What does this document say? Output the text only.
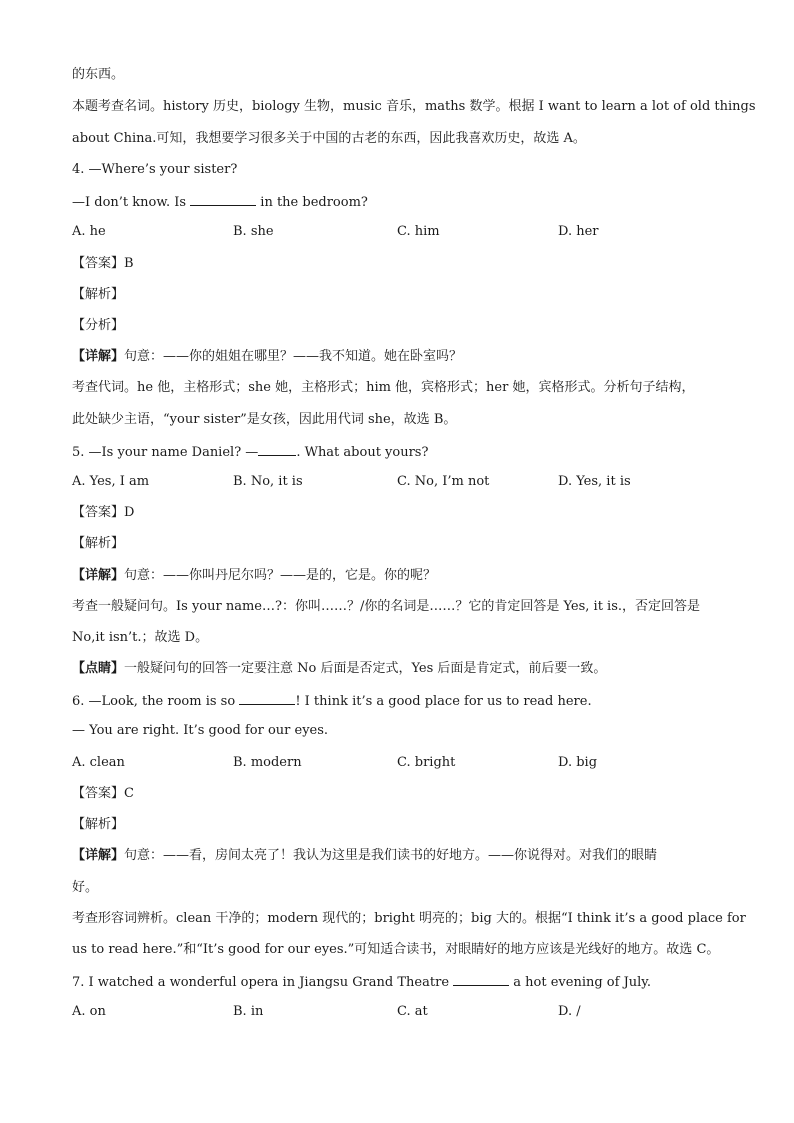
的东西。

本题考查名词。history 历史，biology 生物，music 音乐，maths 数学。根据 I want to learn a lot of old things

about China.可知，我想要学习很多关于中国的古老的东西，因此我喜欢历史，故选 A。

4. —Where’s your sister?

—I don’t know. Is	in the bedroom?

A. he	B. she	C. him	D. her

【答案】B

【解析】

【分析】

【详解】句意：——你的姐姐在哪里？——我不知道。她在卧室吗？

考查代词。he 他，主格形式；she 她，主格形式；him 他，宾格形式；her 她，宾格形式。分析句子结构，

此处缺少主语，“your sister”是女孩，因此用代词 she，故选 B。

5. —Is your name Daniel? —	. What about yours?

A. Yes, I am	B. No, it is	C. No, I’m not	D. Yes, it is

【答案】D

【解析】

【详解】句意：——你叫丹尼尔吗？——是的，它是。你的呢？

考查一般疑问句。Is your name…?：你叫……？/你的名词是……？它的肯定回答是 Yes, it is.，否定回答是

No,it isn’t.；故选 D。

【点睛】一般疑问句的回答一定要注意 No 后面是否定式，Yes 后面是肯定式，前后要一致。

6. —Look, the room is so	! I think it’s a good place for us to read here.

— You are right. It’s good for our eyes.

A. clean	B. modern	C. bright	D. big

【答案】C

【解析】

【详解】句意：——看，房间太亮了！我认为这里是我们读书的好地方。——你说得对。对我们的眼睛

好。

考查形容词辨析。clean 干净的；modern 现代的；bright 明亮的；big 大的。根据“I think it’s a good place for

us to read here.”和“It’s good for our eyes.”可知适合读书，对眼睛好的地方应该是光线好的地方。故选 C。

7. I watched a wonderful opera in Jiangsu Grand Theatre	a hot evening of July.

A. on	B. in	C. at	D. /
